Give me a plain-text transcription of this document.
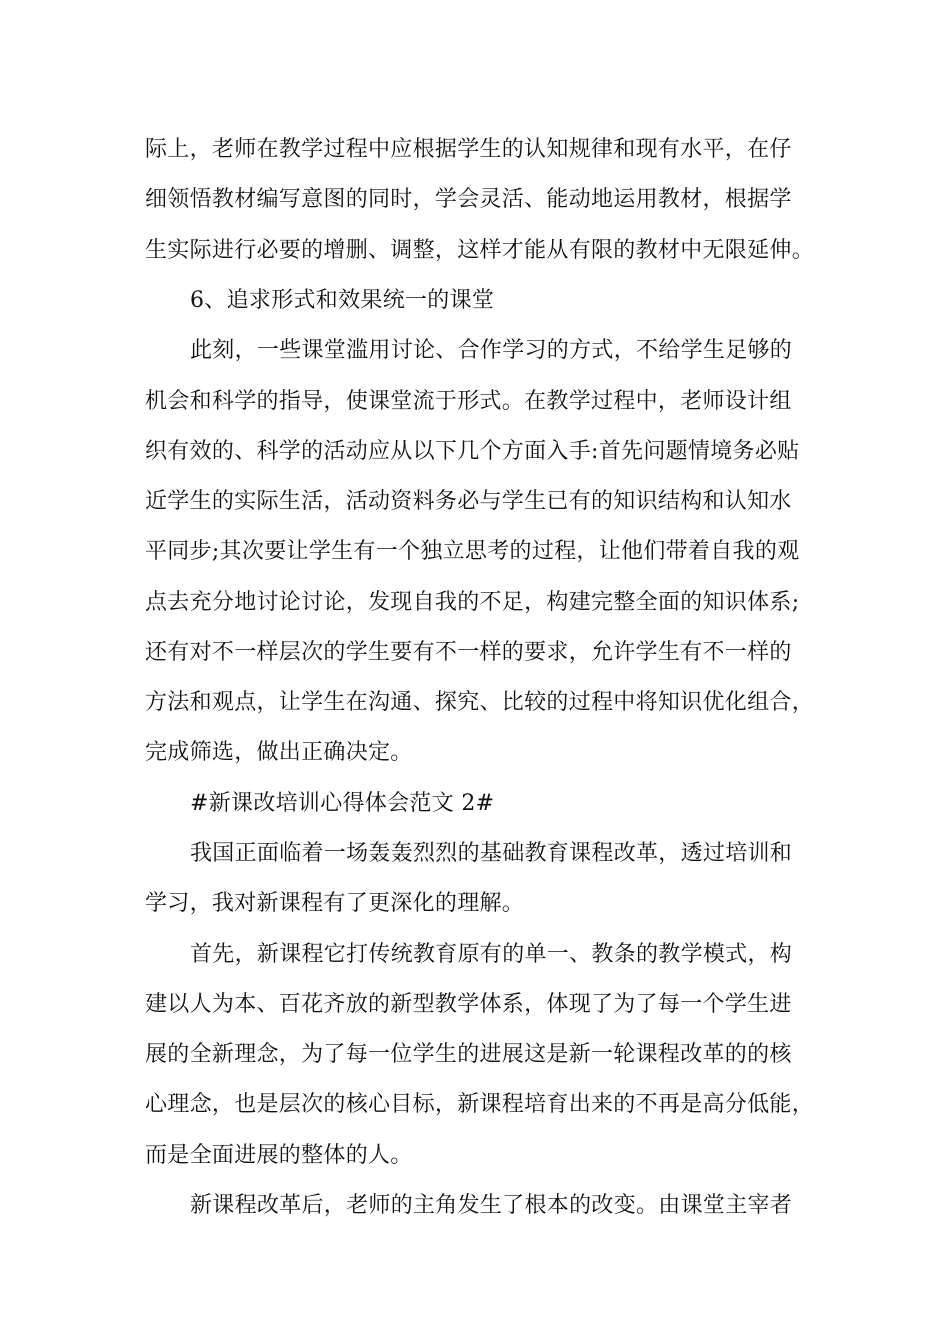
际上，老师在教学过程中应根据学生的认知规律和现有水平，在仔
细领悟教材编写意图的同时，学会灵活、能动地运用教材，根据学
生实际进行必要的增删、调整，这样才能从有限的教材中无限延伸。
6、追求形式和效果统一的课堂
此刻，一些课堂滥用讨论、合作学习的方式，不给学生足够的
机会和科学的指导，使课堂流于形式。在教学过程中，老师设计组
织有效的、科学的活动应从以下几个方面入手:首先问题情境务必贴
近学生的实际生活，活动资料务必与学生已有的知识结构和认知水
平同步;其次要让学生有一个独立思考的过程，让他们带着自我的观
点去充分地讨论讨论，发现自我的不足，构建完整全面的知识体系;
还有对不一样层次的学生要有不一样的要求，允许学生有不一样的
方法和观点，让学生在沟通、探究、比较的过程中将知识优化组合，
完成筛选，做出正确决定。
#新课改培训心得体会范文 2#
我国正面临着一场轰轰烈烈的基础教育课程改革，透过培训和
学习，我对新课程有了更深化的理解。
首先，新课程它打传统教育原有的单一、教条的教学模式，构
建以人为本、百花齐放的新型教学体系，体现了为了每一个学生进
展的全新理念，为了每一位学生的进展这是新一轮课程改革的的核
心理念，也是层次的核心目标，新课程培育出来的不再是高分低能，
而是全面进展的整体的人。
新课程改革后，老师的主角发生了根本的改变。由课堂主宰者
